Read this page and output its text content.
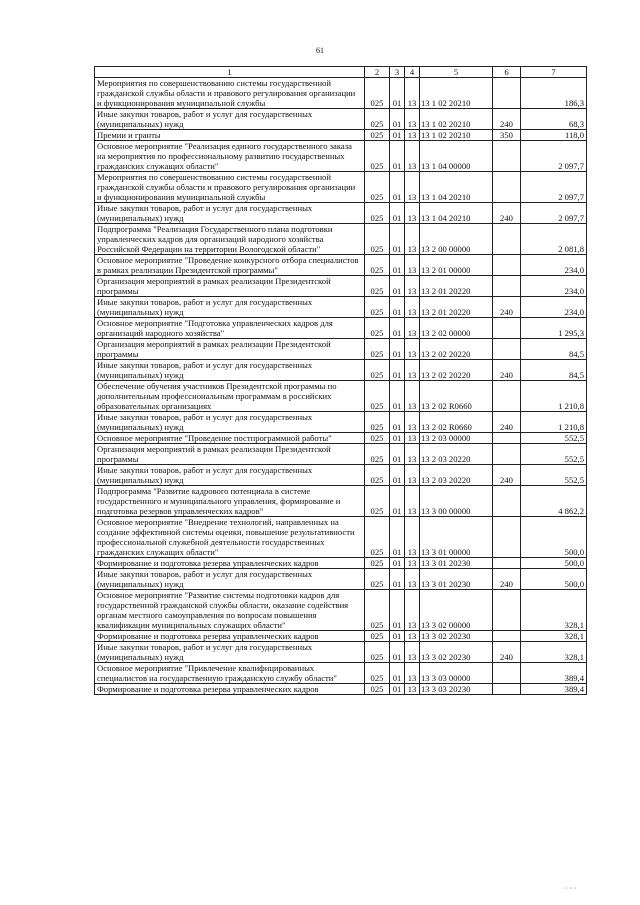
61
1	2	3	4	5	6	7
Мероприятия по совершенствованию системы государственной гражданской службы области и правового регулирования организации и функционирования муниципальной службы	025	01	13	13 1 02 20210		186,3
Иные закупки товаров, работ и услуг для государственных (муниципальных) нужд	025	01	13	13 1 02 20210	240	68,3
Премии и гранты	025	01	13	13 1 02 20210	350	118,0
Основное мероприятие "Реализация единого государственного заказа на мероприятия по профессиональному развитию государственных гражданских служащих области"	025	01	13	13 1 04 00000		2 097,7
Мероприятия по совершенствованию системы государственной гражданской службы области и правового регулирования организации и функционирования муниципальной службы	025	01	13	13 1 04 20210		2 097,7
Иные закупки товаров, работ и услуг для государственных (муниципальных) нужд	025	01	13	13 1 04 20210	240	2 097,7
Подпрограмма "Реализация Государственного плана подготовки управленческих кадров для организаций народного хозяйства Российской Федерации на территории Вологодской области"	025	01	13	13 2 00 00000		2 081,8
Основное мероприятие "Проведение конкурсного отбора специалистов в рамках реализации Президентской программы"	025	01	13	13 2 01 00000		234,0
Организация мероприятий в рамках реализации Президентской программы	025	01	13	13 2 01 20220		234,0
Иные закупки товаров, работ и услуг для государственных (муниципальных) нужд	025	01	13	13 2 01 20220	240	234,0
Основное мероприятие "Подготовка управленческих кадров для организаций народного хозяйства"	025	01	13	13 2 02 00000		1 295,3
Организация мероприятий в рамках реализации Президентской программы	025	01	13	13 2 02 20220		84,5
Иные закупки товаров, работ и услуг для государственных (муниципальных) нужд	025	01	13	13 2 02 20220	240	84,5
Обеспечение обучения участников Президентской программы по дополнительным профессиональным программам в российских образовательных организациях	025	01	13	13 2 02 R0660		1 210,8
Иные закупки товаров, работ и услуг для государственных (муниципальных) нужд	025	01	13	13 2 02 R0660	240	1 210,8
Основное мероприятие "Проведение постпрограммной работы"	025	01	13	13 2 03 00000		552,5
Организация мероприятий в рамках реализации Президентской программы	025	01	13	13 2 03 20220		552,5
Иные закупки товаров, работ и услуг для государственных (муниципальных) нужд	025	01	13	13 2 03 20220	240	552,5
Подпрограмма "Развитие кадрового потенциала в системе государственного и муниципального управления, формирование и подготовка резервов управленческих кадров"	025	01	13	13 3 00 00000		4 862,2
Основное мероприятие "Внедрение технологий, направленных на создание эффективной системы оценки, повышение результативности профессиональной служебной деятельности государственных гражданских служащих области"	025	01	13	13 3 01 00000		500,0
Формирование и подготовка резерва управленческих кадров	025	01	13	13 3 01 20230		500,0
Иные закупки товаров, работ и услуг для государственных (муниципальных) нужд	025	01	13	13 3 01 20230	240	500,0
Основное мероприятие "Развитие системы подготовки кадров для государственной гражданской службы области, оказание содействия органам местного самоуправления по вопросам повышения квалификации муниципальных служащих области"	025	01	13	13 3 02 00000		328,1
Формирование и подготовка резерва управленческих кадров	025	01	13	13 3 02 20230		328,1
Иные закупки товаров, работ и услуг для государственных (муниципальных) нужд	025	01	13	13 3 02 20230	240	328,1
Основное мероприятие "Привлечение квалифицированных специалистов на государственную гражданскую службу области"	025	01	13	13 3 03 00000		389,4
Формирование и подготовка резерва управленческих кадров	025	01	13	13 3 03 20230		389,4
· · ·
